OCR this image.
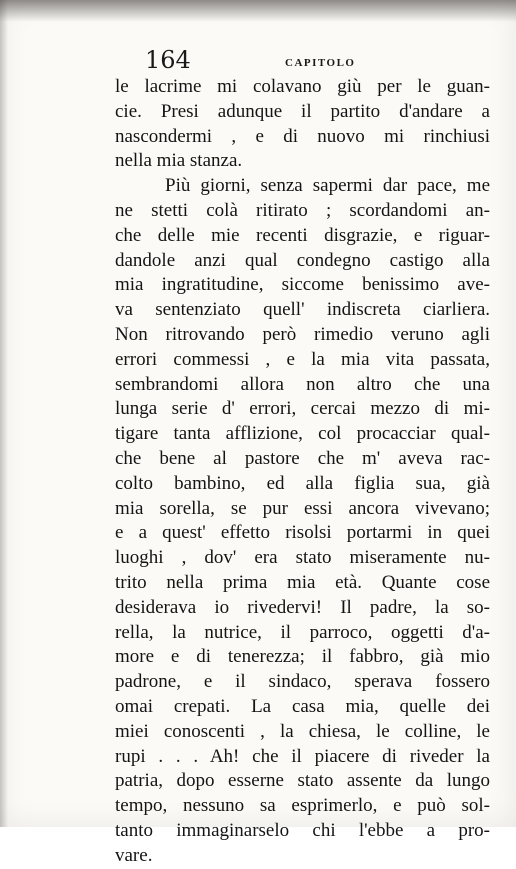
164	CAPITOLO
le lacrime mi colavano giù per le guan-
cie. Presi adunque il partito d'andare a
nascondermi , e di nuovo mi rinchiusi
nella mia stanza.
Più giorni, senza sapermi dar pace, me
ne stetti colà ritirato ; scordandomi an-
che delle mie recenti disgrazie, e riguar-
dandole anzi qual condegno castigo alla
mia ingratitudine, siccome benissimo ave-
va sentenziato quell' indiscreta ciarliera.
Non ritrovando però rimedio veruno agli
errori commessi , e la mia vita passata,
sembrandomi allora non altro che una
lunga serie d' errori, cercai mezzo di mi-
tigare tanta afflizione, col procacciar qual-
che bene al pastore che m' aveva rac-
colto bambino, ed alla figlia sua, già
mia sorella, se pur essi ancora vivevano;
e a quest' effetto risolsi portarmi in quei
luoghi , dov' era stato miseramente nu-
trito nella prima mia età. Quante cose
desiderava io rivedervi! Il padre, la so-
rella, la nutrice, il parroco, oggetti d'a-
more e di tenerezza; il fabbro, già mio
padrone, e il sindaco, sperava fossero
omai crepati. La casa mia, quelle dei
miei conoscenti , la chiesa, le colline, le
rupi . . . Ah! che il piacere di riveder la
patria, dopo esserne stato assente da lungo
tempo, nessuno sa esprimerlo, e può sol-
tanto immaginarselo chi l'ebbe a pro-
vare.
